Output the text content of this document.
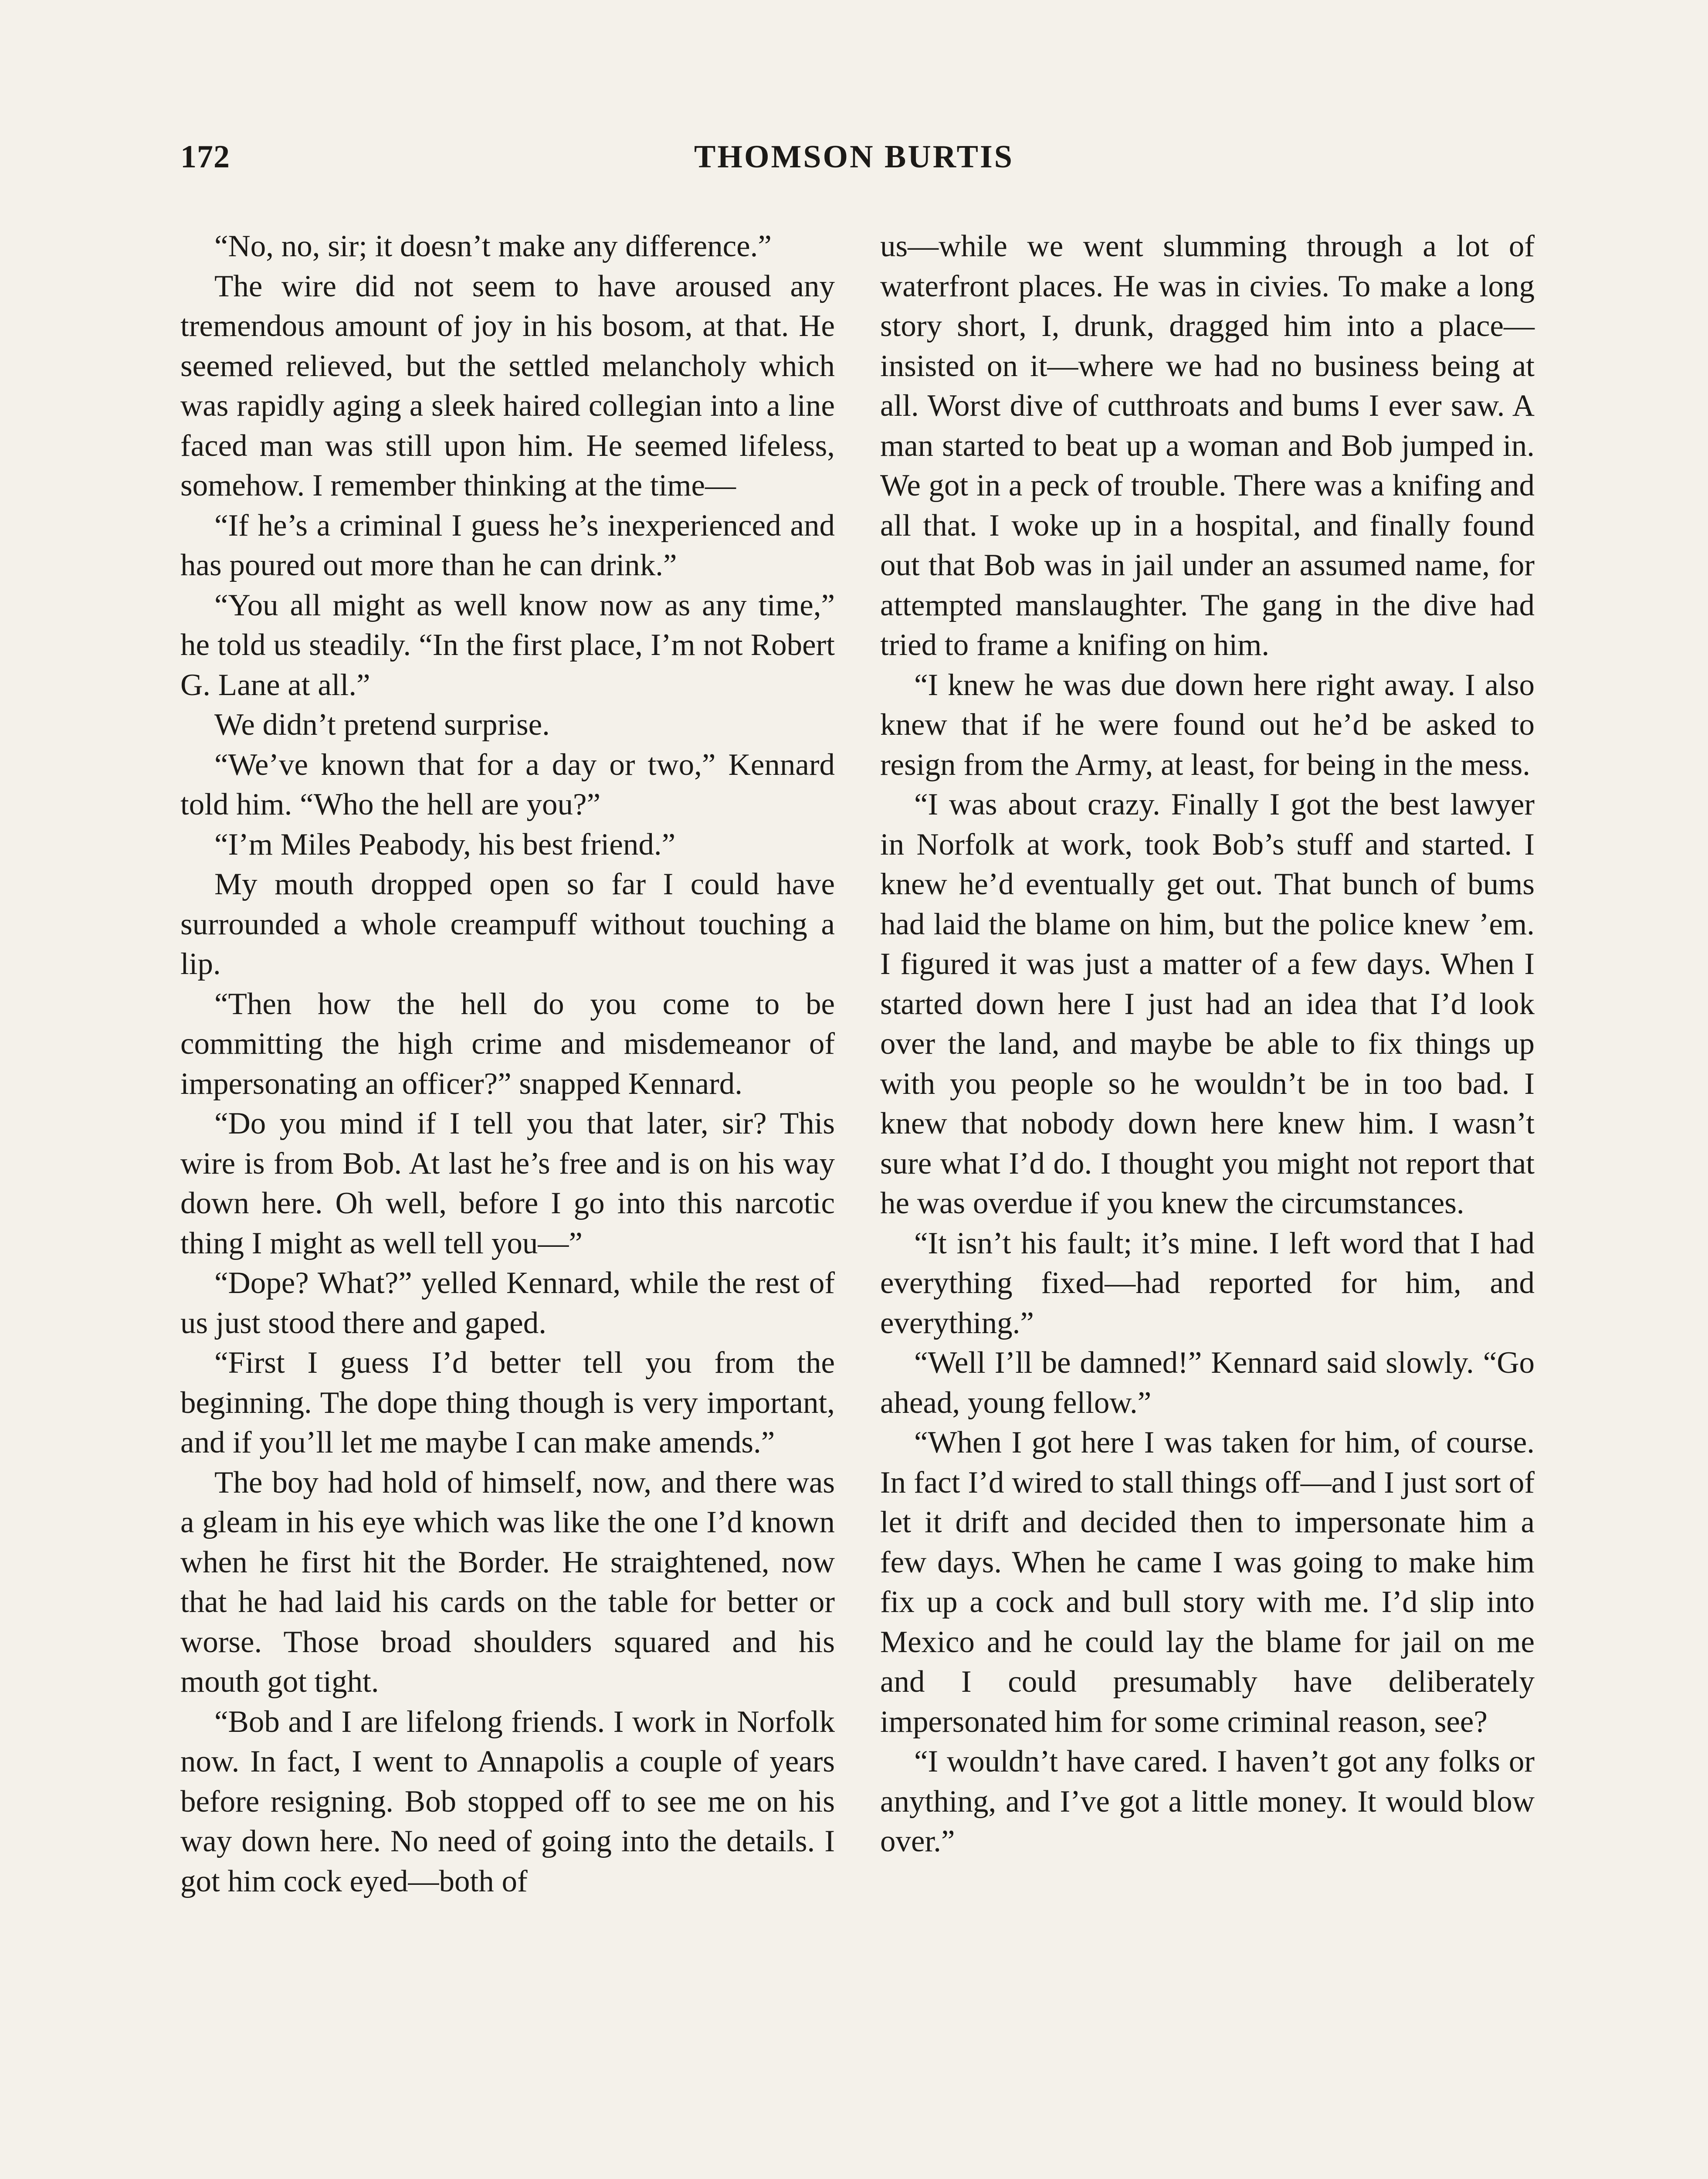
172	THOMSON BURTIS

“No, no, sir; it doesn’t make any difference.”

The wire did not seem to have aroused any tremendous amount of joy in his bosom, at that. He seemed relieved, but the settled melancholy which was rapidly aging a sleek haired collegian into a line faced man was still upon him. He seemed lifeless, somehow. I remember thinking at the time—

“If he’s a criminal I guess he’s inexperienced and has poured out more than he can drink.”

“You all might as well know now as any time,” he told us steadily. “In the first place, I’m not Robert G. Lane at all.”

We didn’t pretend surprise.

“We’ve known that for a day or two,” Kennard told him. “Who the hell are you?”

“I’m Miles Peabody, his best friend.”

My mouth dropped open so far I could have surrounded a whole creampuff without touching a lip.

“Then how the hell do you come to be committing the high crime and misdemeanor of impersonating an officer?” snapped Kennard.

“Do you mind if I tell you that later, sir? This wire is from Bob. At last he’s free and is on his way down here. Oh well, before I go into this narcotic thing I might as well tell you—”

“Dope? What?” yelled Kennard, while the rest of us just stood there and gaped.

“First I guess I’d better tell you from the beginning. The dope thing though is very important, and if you’ll let me maybe I can make amends.”

The boy had hold of himself, now, and there was a gleam in his eye which was like the one I’d known when he first hit the Border. He straightened, now that he had laid his cards on the table for better or worse. Those broad shoulders squared and his mouth got tight.

“Bob and I are lifelong friends. I work in Norfolk now. In fact, I went to Annapolis a couple of years before resigning. Bob stopped off to see me on his way down here. No need of going into the details. I got him cock eyed—both of

us—while we went slumming through a lot of waterfront places. He was in civies. To make a long story short, I, drunk, dragged him into a place—insisted on it—where we had no business being at all. Worst dive of cutthroats and bums I ever saw. A man started to beat up a woman and Bob jumped in. We got in a peck of trouble. There was a knifing and all that. I woke up in a hospital, and finally found out that Bob was in jail under an assumed name, for attempted manslaughter. The gang in the dive had tried to frame a knifing on him.

“I knew he was due down here right away. I also knew that if he were found out he’d be asked to resign from the Army, at least, for being in the mess.

“I was about crazy. Finally I got the best lawyer in Norfolk at work, took Bob’s stuff and started. I knew he’d eventually get out. That bunch of bums had laid the blame on him, but the police knew ’em. I figured it was just a matter of a few days. When I started down here I just had an idea that I’d look over the land, and maybe be able to fix things up with you people so he wouldn’t be in too bad. I knew that nobody down here knew him. I wasn’t sure what I’d do. I thought you might not report that he was overdue if you knew the circumstances.

“It isn’t his fault; it’s mine. I left word that I had everything fixed—had reported for him, and everything.”

“Well I’ll be damned!” Kennard said slowly. “Go ahead, young fellow.”

“When I got here I was taken for him, of course. In fact I’d wired to stall things off—and I just sort of let it drift and decided then to impersonate him a few days. When he came I was going to make him fix up a cock and bull story with me. I’d slip into Mexico and he could lay the blame for jail on me and I could presumably have deliberately impersonated him for some criminal reason, see?

“I wouldn’t have cared. I haven’t got any folks or anything, and I’ve got a little money. It would blow over.”
